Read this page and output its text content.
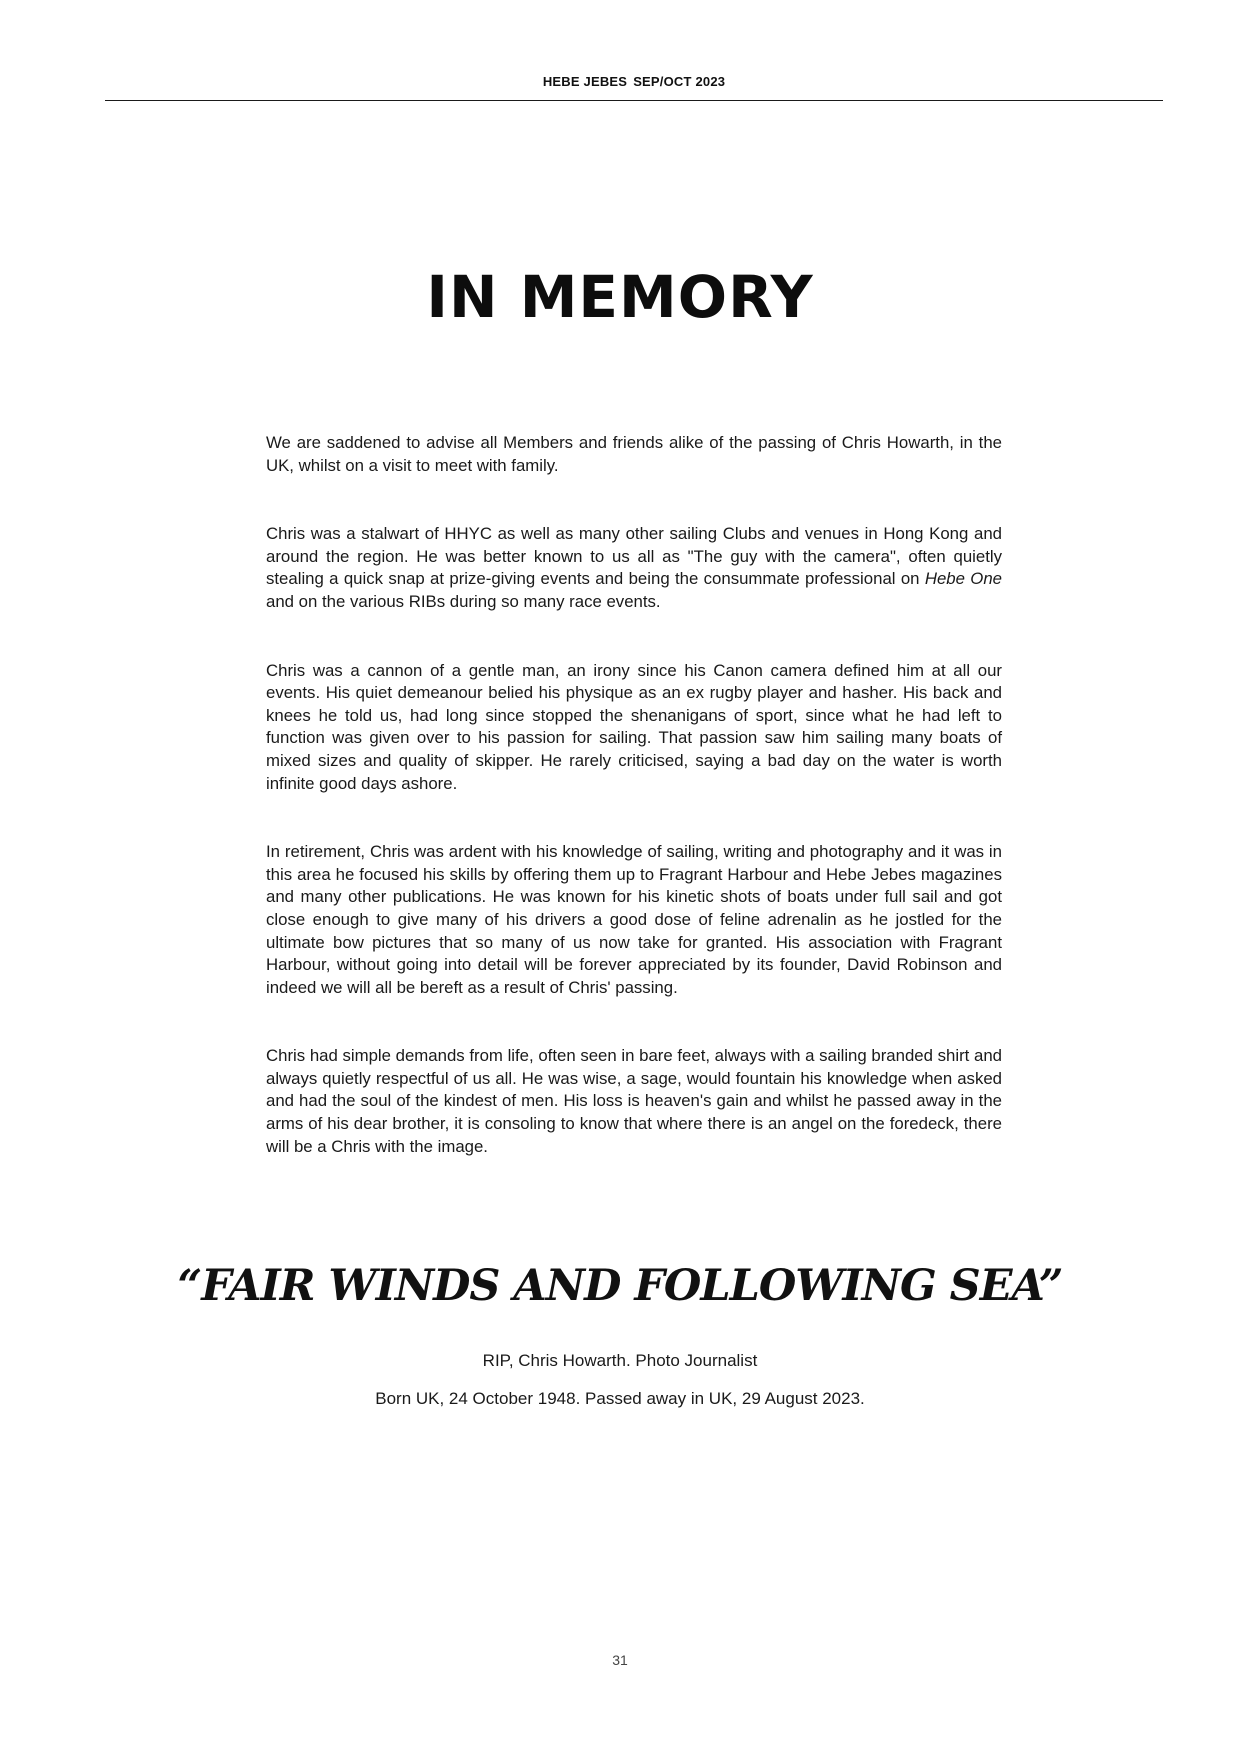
HEBE JEBES SEP/OCT 2023
IN MEMORY

We are saddened to advise all Members and friends alike of the passing of Chris Howarth, in the UK, whilst on a visit to meet with family.

Chris was a stalwart of HHYC as well as many other sailing Clubs and venues in Hong Kong and around the region. He was better known to us all as "The guy with the camera", often quietly stealing a quick snap at prize-giving events and being the consummate professional on Hebe One and on the various RIBs during so many race events.

Chris was a cannon of a gentle man, an irony since his Canon camera defined him at all our events. His quiet demeanour belied his physique as an ex rugby player and hasher. His back and knees he told us, had long since stopped the shenanigans of sport, since what he had left to function was given over to his passion for sailing. That passion saw him sailing many boats of mixed sizes and quality of skipper. He rarely criticised, saying a bad day on the water is worth infinite good days ashore.

In retirement, Chris was ardent with his knowledge of sailing, writing and photography and it was in this area he focused his skills by offering them up to Fragrant Harbour and Hebe Jebes magazines and many other publications. He was known for his kinetic shots of boats under full sail and got close enough to give many of his drivers a good dose of feline adrenalin as he jostled for the ultimate bow pictures that so many of us now take for granted. His association with Fragrant Harbour, without going into detail will be forever appreciated by its founder, David Robinson and indeed we will all be bereft as a result of Chris' passing.

Chris had simple demands from life, often seen in bare feet, always with a sailing branded shirt and always quietly respectful of us all. He was wise, a sage, would fountain his knowledge when asked and had the soul of the kindest of men. His loss is heaven's gain and whilst he passed away in the arms of his dear brother, it is consoling to know that where there is an angel on the foredeck, there will be a Chris with the image.

“FAIR WINDS AND FOLLOWING SEA”

RIP, Chris Howarth. Photo Journalist

Born UK, 24 October 1948. Passed away in UK, 29 August 2023.

31
